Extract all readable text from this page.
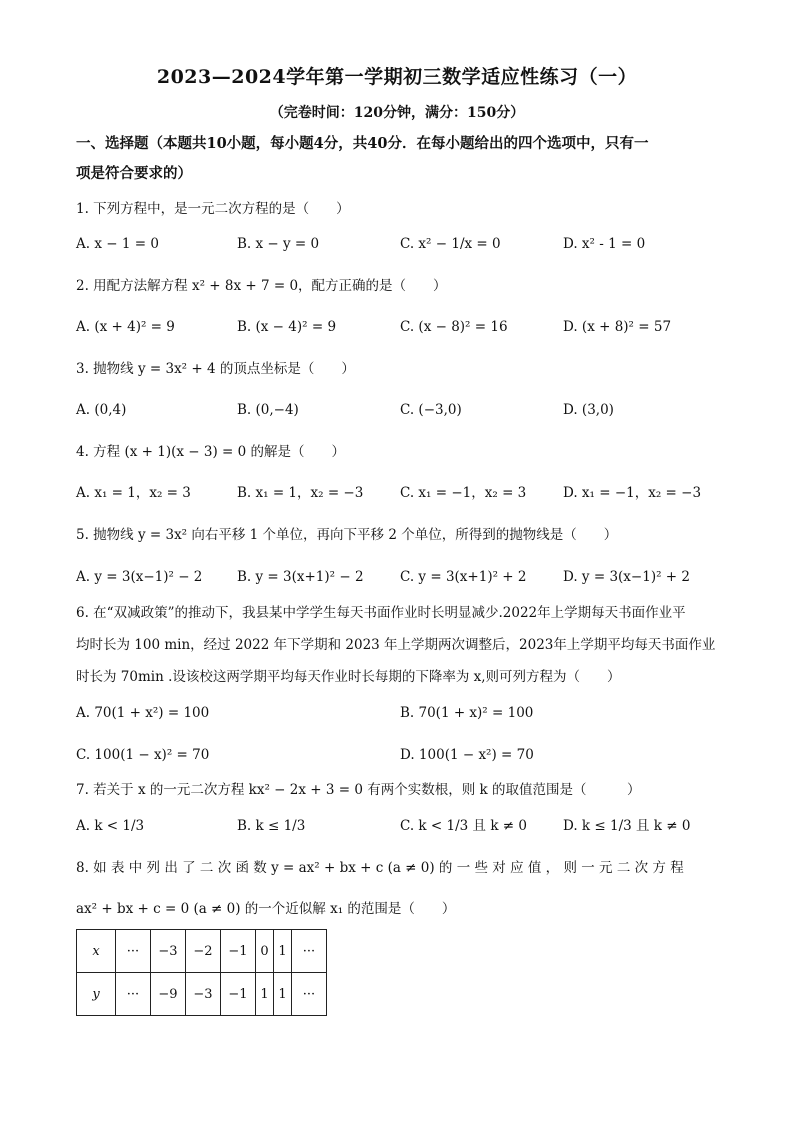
2023—2024学年第一学期初三数学适应性练习（一）
（完卷时间：120分钟，满分：150分）
一、选择题（本题共10小题，每小题4分，共40分．在每小题给出的四个选项中，只有一
项是符合要求的）
1. 下列方程中，是一元二次方程的是（　　）
A. x − 1 = 0	B. x − y = 0	C. x² − 1/x = 0	D. x² - 1 = 0
2. 用配方法解方程 x² + 8x + 7 = 0，配方正确的是（　　）
A. (x + 4)² = 9	B. (x − 4)² = 9	C. (x − 8)² = 16	D. (x + 8)² = 57
3. 抛物线 y = 3x² + 4 的顶点坐标是（　　）
A. (0,4)	B. (0,−4)	C. (−3,0)	D. (3,0)
4. 方程 (x + 1)(x − 3) = 0 的解是（　　）
A. x₁ = 1，x₂ = 3	B. x₁ = 1，x₂ = −3	C. x₁ = −1，x₂ = 3	D. x₁ = −1，x₂ = −3
5. 抛物线 y = 3x² 向右平移 1 个单位，再向下平移 2 个单位，所得到的抛物线是（　　）
A. y = 3(x−1)² − 2	B. y = 3(x+1)² − 2	C. y = 3(x+1)² + 2	D. y = 3(x−1)² + 2
6. 在“双减政策”的推动下，我县某中学学生每天书面作业时长明显减少.2022年上学期每天书面作业平
均时长为 100 min，经过 2022 年下学期和 2023 年上学期两次调整后，2023年上学期平均每天书面作业
时长为 70min .设该校这两学期平均每天作业时长每期的下降率为 x,则可列方程为（　　）
A. 70(1 + x²) = 100	B. 70(1 + x)² = 100
C. 100(1 − x)² = 70	D. 100(1 − x²) = 70
7. 若关于 x 的一元二次方程 kx² − 2x + 3 = 0 有两个实数根，则 k 的取值范围是（　　　）
A. k < 1/3	B. k ≤ 1/3	C. k < 1/3 且 k ≠ 0	D. k ≤ 1/3 且 k ≠ 0
8. 如 表 中 列 出 了 二 次 函 数 y = ax² + bx + c (a ≠ 0) 的 一 些 对 应 值 ， 则 一 元 二 次 方 程
ax² + bx + c = 0 (a ≠ 0) 的一个近似解 x₁ 的范围是（　　）
x	···	−3	−2	−1	0	1	···
y	···	−9	−3	−1	1	1	···
